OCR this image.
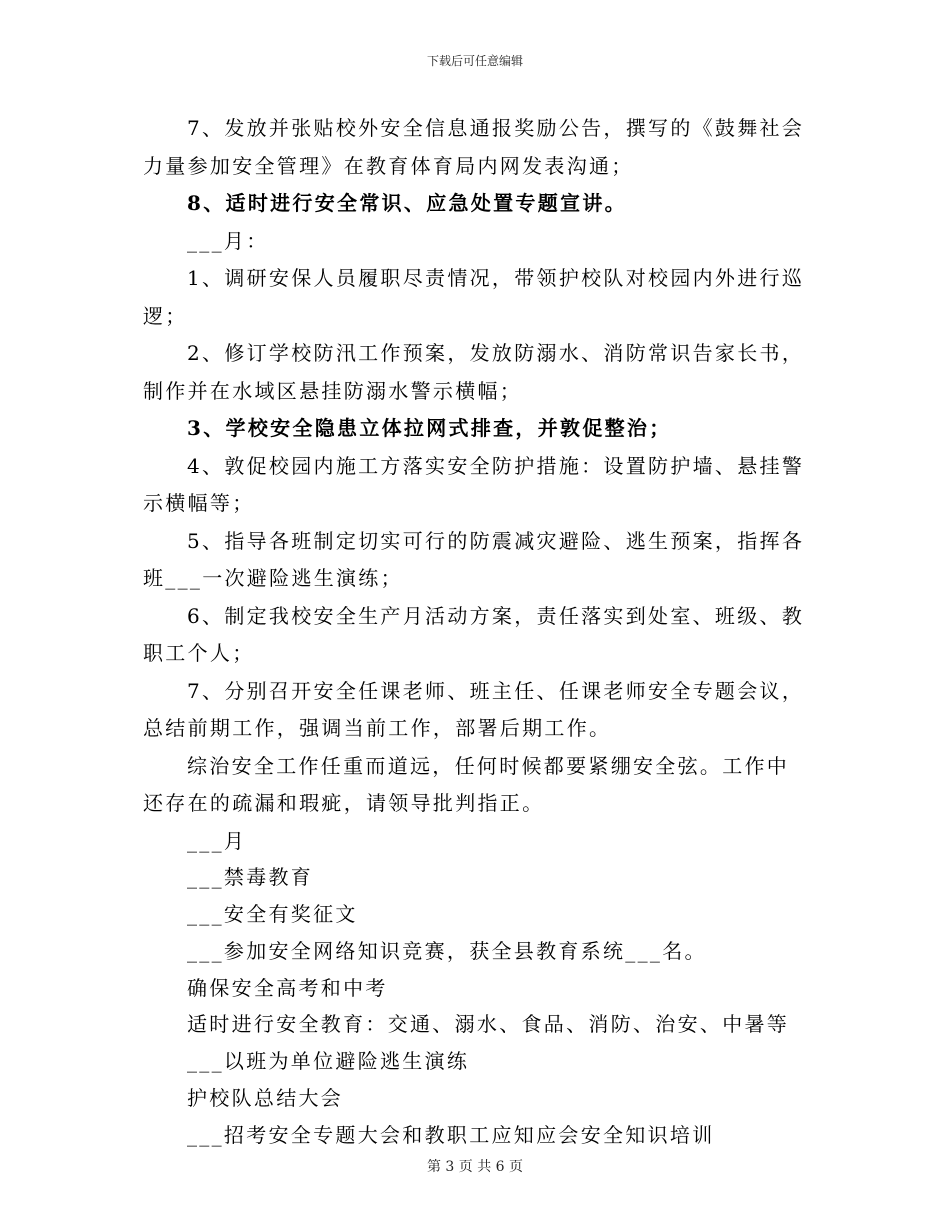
下载后可任意编辑

7、发放并张贴校外安全信息通报奖励公告，撰写的《鼓舞社会力量参加安全管理》在教育体育局内网发表沟通；

8、适时进行安全常识、应急处置专题宣讲。

___月：

1、调研安保人员履职尽责情况，带领护校队对校园内外进行巡逻；

2、修订学校防汛工作预案，发放防溺水、消防常识告家长书，制作并在水域区悬挂防溺水警示横幅；

3、学校安全隐患立体拉网式排查，并敦促整治；

4、敦促校园内施工方落实安全防护措施：设置防护墙、悬挂警示横幅等；

5、指导各班制定切实可行的防震减灾避险、逃生预案，指挥各班___一次避险逃生演练；

6、制定我校安全生产月活动方案，责任落实到处室、班级、教职工个人；

7、分别召开安全任课老师、班主任、任课老师安全专题会议，总结前期工作，强调当前工作，部署后期工作。

综治安全工作任重而道远，任何时候都要紧绷安全弦。工作中还存在的疏漏和瑕疵，请领导批判指正。

___月

___禁毒教育

___安全有奖征文

___参加安全网络知识竞赛，获全县教育系统___名。

确保安全高考和中考

适时进行安全教育：交通、溺水、食品、消防、治安、中暑等

___以班为单位避险逃生演练

护校队总结大会

___招考安全专题大会和教职工应知应会安全知识培训

第 3 页 共 6 页
